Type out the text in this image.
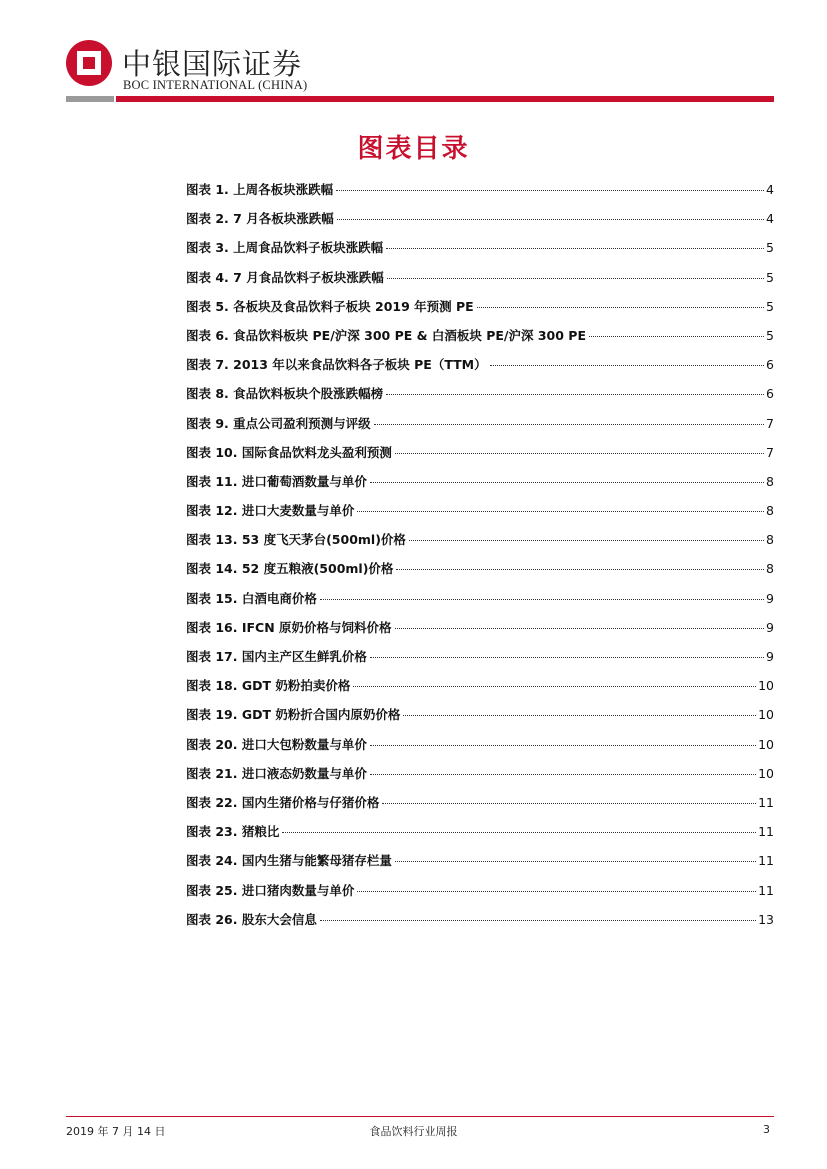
中银国际证券
BOC INTERNATIONAL (CHINA)
图表目录
图表 1. 上周各板块涨跌幅	4
图表 2. 7 月各板块涨跌幅	4
图表 3. 上周食品饮料子板块涨跌幅	5
图表 4. 7 月食品饮料子板块涨跌幅	5
图表 5. 各板块及食品饮料子板块 2019 年预测 PE	5
图表 6. 食品饮料板块 PE/沪深 300 PE & 白酒板块 PE/沪深 300 PE	5
图表 7. 2013 年以来食品饮料各子板块 PE（TTM）	6
图表 8. 食品饮料板块个股涨跌幅榜	6
图表 9. 重点公司盈利预测与评级	7
图表 10. 国际食品饮料龙头盈利预测	7
图表 11. 进口葡萄酒数量与单价	8
图表 12. 进口大麦数量与单价	8
图表 13. 53 度飞天茅台(500ml)价格	8
图表 14. 52 度五粮液(500ml)价格	8
图表 15. 白酒电商价格	9
图表 16. IFCN 原奶价格与饲料价格	9
图表 17. 国内主产区生鲜乳价格	9
图表 18. GDT 奶粉拍卖价格	10
图表 19. GDT 奶粉折合国内原奶价格	10
图表 20. 进口大包粉数量与单价	10
图表 21. 进口液态奶数量与单价	10
图表 22. 国内生猪价格与仔猪价格	11
图表 23. 猪粮比	11
图表 24. 国内生猪与能繁母猪存栏量	11
图表 25. 进口猪肉数量与单价	11
图表 26. 股东大会信息	13
2019 年 7 月 14 日	食品饮料行业周报	3
